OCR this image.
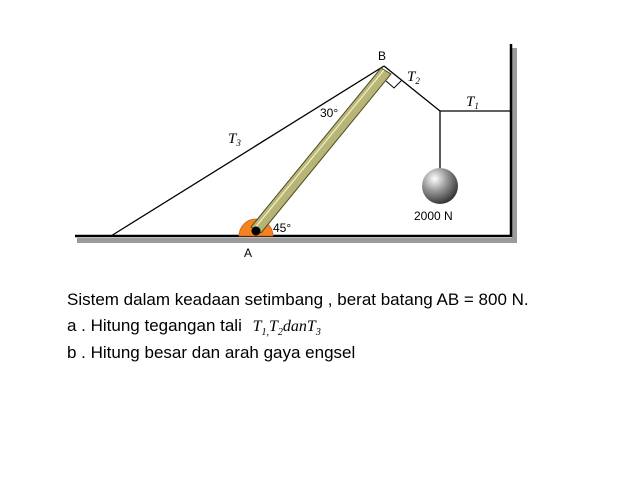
B
A
45°
30°
2000 N
$T_1$
$T_2$
$T_3$
Sistem dalam keadaan setimbang , berat batang AB = 800 N.
a . Hitung tegangan tali $T_{1,}T_2danT_3$
b . Hitung besar dan arah gaya engsel
